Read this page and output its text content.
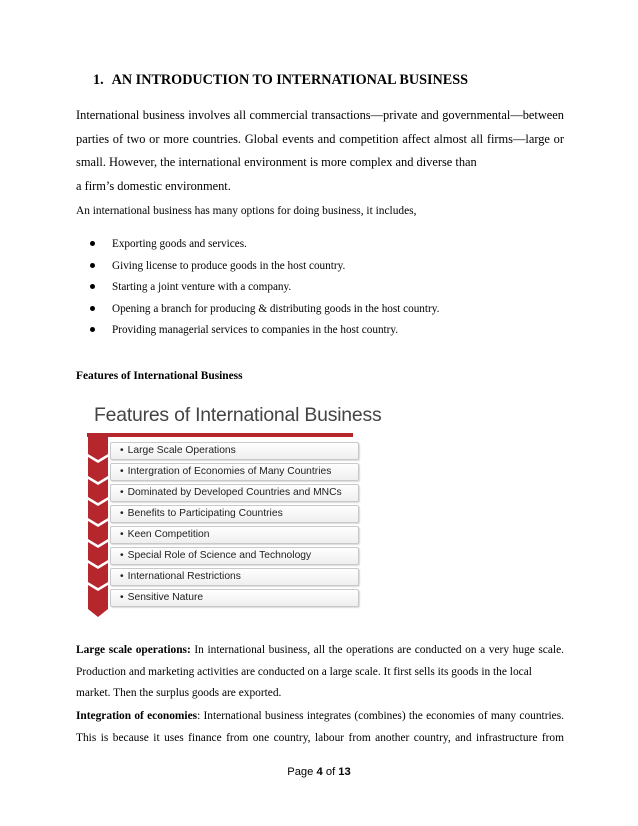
1. AN INTRODUCTION TO INTERNATIONAL BUSINESS
International business involves all commercial transactions—private and governmental—between parties of two or more countries. Global events and competition affect almost all firms—large or small. However, the international environment is more complex and diverse than
a firm’s domestic environment.
An international business has many options for doing business, it includes,
Exporting goods and services.
Giving license to produce goods in the host country.
Starting a joint venture with a company.
Opening a branch for producing & distributing goods in the host country.
Providing managerial services to companies in the host country.
Features of International Business
Features of International Business
• Large Scale Operations
• Intergration of Economies of Many Countries
• Dominated by Developed Countries and MNCs
• Benefits to Participating Countries
• Keen Competition
• Special Role of Science and Technology
• International Restrictions
• Sensitive Nature
Large scale operations: In international business, all the operations are conducted on a very huge scale. Production and marketing activities are conducted on a large scale. It first sells its goods in the local
market. Then the surplus goods are exported.
Integration of economies: International business integrates (combines) the economies of many countries. This is because it uses finance from one country, labour from another country, and infrastructure from
Page 4 of 13
